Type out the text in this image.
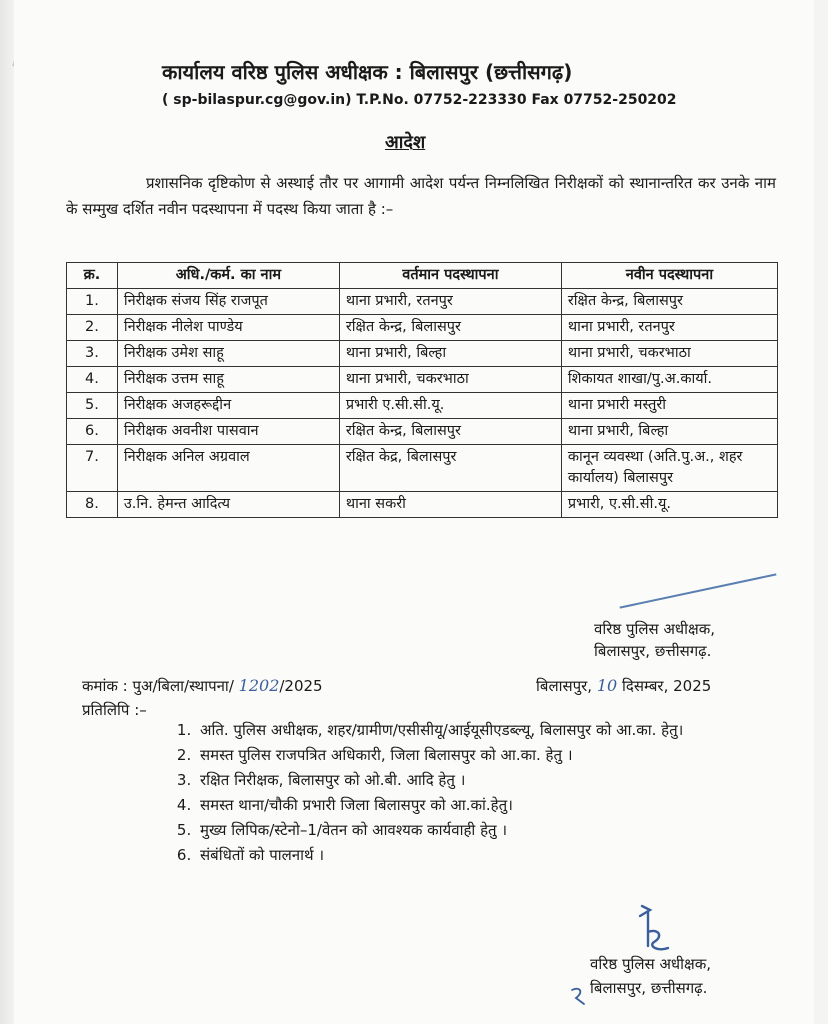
कार्यालय वरिष्ठ पुलिस अधीक्षक : बिलासपुर (छत्तीसगढ़)
( sp-bilaspur.cg@gov.in) T.P.No. 07752-223330 Fax 07752-250202
आदेश
प्रशासनिक दृष्टिकोण से अस्थाई तौर पर आगामी आदेश पर्यन्त निम्नलिखित निरीक्षकों को स्थानान्तरित कर उनके नाम के सम्मुख दर्शित नवीन पदस्थापना में पदस्थ किया जाता है :–
क्र.	अधि./कर्म. का नाम	वर्तमान पदस्थापना	नवीन पदस्थापना
1.	निरीक्षक संजय सिंह राजपूत	थाना प्रभारी, रतनपुर	रक्षित केन्द्र, बिलासपुर
2.	निरीक्षक नीलेश पाण्डेय	रक्षित केन्द्र, बिलासपुर	थाना प्रभारी, रतनपुर
3.	निरीक्षक उमेश साहू	थाना प्रभारी, बिल्हा	थाना प्रभारी, चकरभाठा
4.	निरीक्षक उत्तम साहू	थाना प्रभारी, चकरभाठा	शिकायत शाखा/पु.अ.कार्या.
5.	निरीक्षक अजहरूद्दीन	प्रभारी ए.सी.सी.यू.	थाना प्रभारी मस्तुरी
6.	निरीक्षक अवनीश पासवान	रक्षित केन्द्र, बिलासपुर	थाना प्रभारी, बिल्हा
7.	निरीक्षक अनिल अग्रवाल	रक्षित केद्र, बिलासपुर	कानून व्यवस्था (अति.पु.अ., शहर कार्यालय) बिलासपुर
8.	उ.नि. हेमन्त आदित्य	थाना सकरी	प्रभारी, ए.सी.सी.यू.
वरिष्ठ पुलिस अधीक्षक,
बिलासपुर, छत्तीसगढ़.
कमांक : पुअ/बिला/स्थापना/ 1202/2025	बिलासपुर, 10 दिसम्बर, 2025
प्रतिलिपि :–
1. अति. पुलिस अधीक्षक, शहर/ग्रामीण/एसीसीयू/आईयूसीएडब्ल्यू, बिलासपुर को आ.का. हेतु।
2. समस्त पुलिस राजपत्रित अधिकारी, जिला बिलासपुर को आ.का. हेतु ।
3. रक्षित निरीक्षक, बिलासपुर को ओ.बी. आदि हेतु ।
4. समस्त थाना/चौकी प्रभारी जिला बिलासपुर को आ.कां.हेतु।
5. मुख्य लिपिक/स्टेनो–1/वेतन को आवश्यक कार्यवाही हेतु ।
6. संबंधितों को पालनार्थ ।
वरिष्ठ पुलिस अधीक्षक,
बिलासपुर, छत्तीसगढ़.
